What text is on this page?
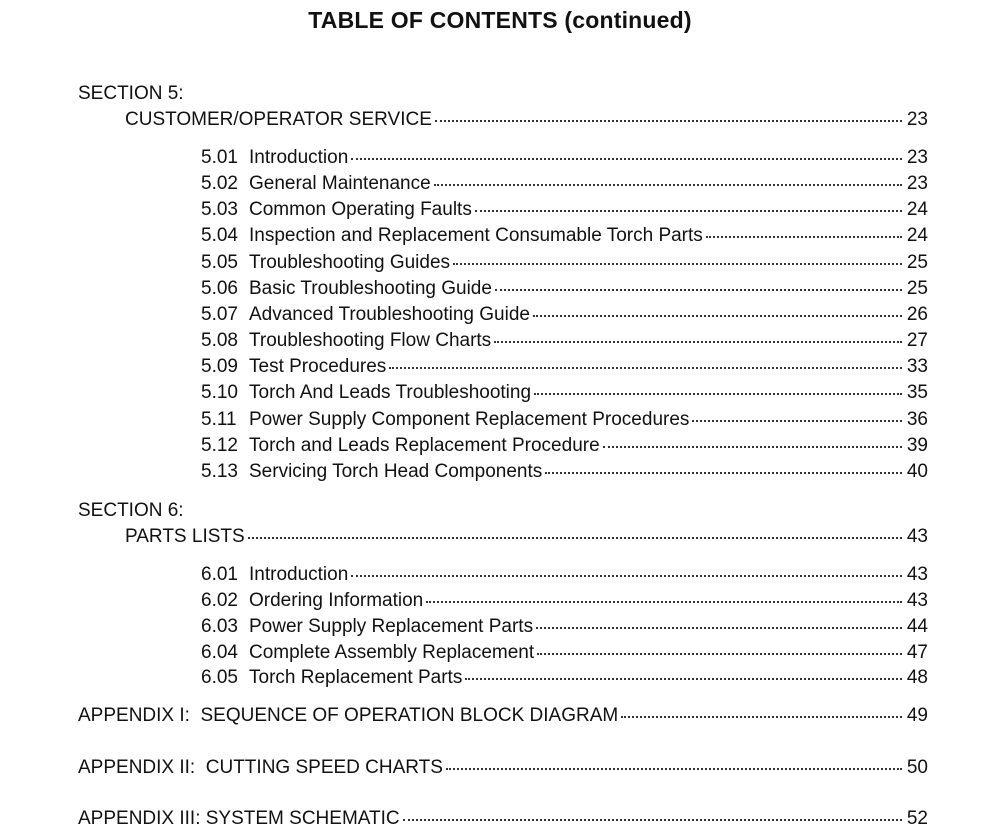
TABLE OF CONTENTS (continued)
SECTION 5:
CUSTOMER/OPERATOR SERVICE	23
5.01 Introduction	23
5.02 General Maintenance	23
5.03 Common Operating Faults	24
5.04 Inspection and Replacement Consumable Torch Parts	24
5.05 Troubleshooting Guides	25
5.06 Basic Troubleshooting Guide	25
5.07 Advanced Troubleshooting Guide	26
5.08 Troubleshooting Flow Charts	27
5.09 Test Procedures	33
5.10 Torch And Leads Troubleshooting	35
5.11 Power Supply Component Replacement Procedures	36
5.12 Torch and Leads Replacement Procedure	39
5.13 Servicing Torch Head Components	40
SECTION 6:
PARTS LISTS	43
6.01 Introduction	43
6.02 Ordering Information	43
6.03 Power Supply Replacement Parts	44
6.04 Complete Assembly Replacement	47
6.05 Torch Replacement Parts	48
APPENDIX I:  SEQUENCE OF OPERATION BLOCK DIAGRAM	49
APPENDIX II:  CUTTING SPEED CHARTS	50
APPENDIX III: SYSTEM SCHEMATIC	52
